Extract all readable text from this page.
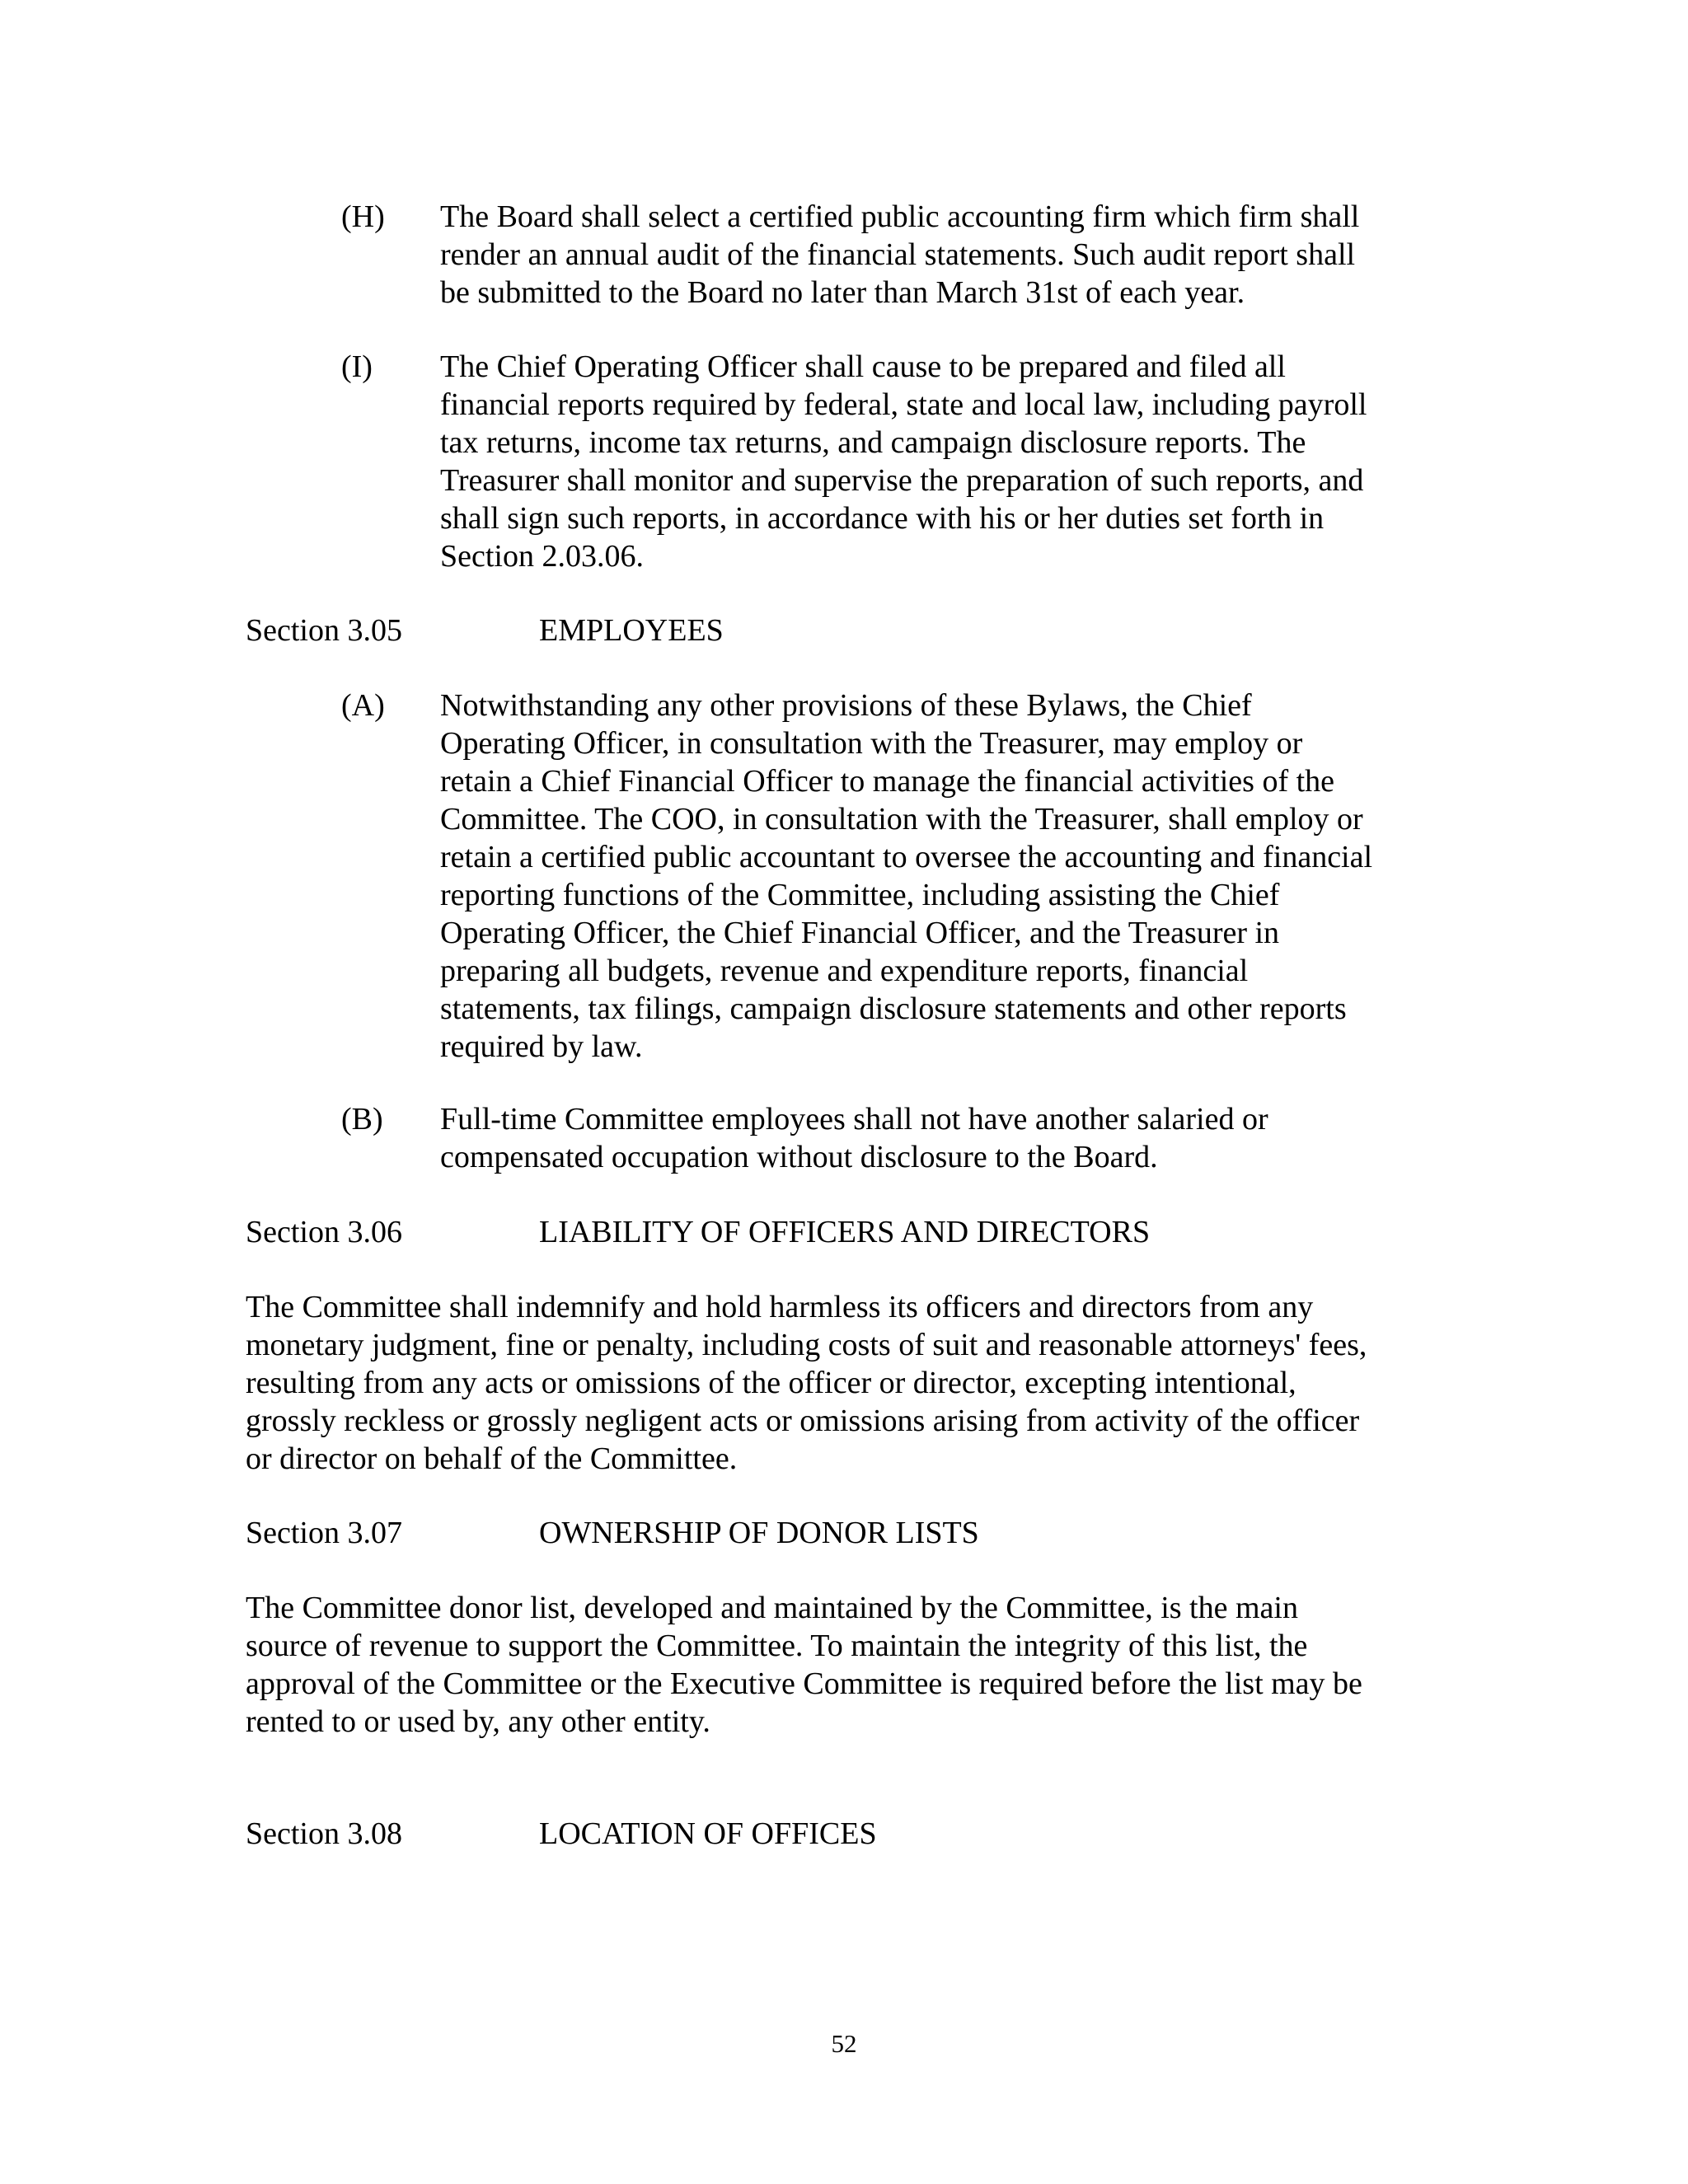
(H) The Board shall select a certified public accounting firm which firm shall
render an annual audit of the financial statements. Such audit report shall
be submitted to the Board no later than March 31st of each year.
(I) The Chief Operating Officer shall cause to be prepared and filed all
financial reports required by federal, state and local law, including payroll
tax returns, income tax returns, and campaign disclosure reports. The
Treasurer shall monitor and supervise the preparation of such reports, and
shall sign such reports, in accordance with his or her duties set forth in
Section 2.03.06.
Section 3.05	EMPLOYEES
(A) Notwithstanding any other provisions of these Bylaws, the Chief
Operating Officer, in consultation with the Treasurer, may employ or
retain a Chief Financial Officer to manage the financial activities of the
Committee. The COO, in consultation with the Treasurer, shall employ or
retain a certified public accountant to oversee the accounting and financial
reporting functions of the Committee, including assisting the Chief
Operating Officer, the Chief Financial Officer, and the Treasurer in
preparing all budgets, revenue and expenditure reports, financial
statements, tax filings, campaign disclosure statements and other reports
required by law.
(B) Full-time Committee employees shall not have another salaried or
compensated occupation without disclosure to the Board.
Section 3.06	LIABILITY OF OFFICERS AND DIRECTORS
The Committee shall indemnify and hold harmless its officers and directors from any
monetary judgment, fine or penalty, including costs of suit and reasonable attorneys' fees,
resulting from any acts or omissions of the officer or director, excepting intentional,
grossly reckless or grossly negligent acts or omissions arising from activity of the officer
or director on behalf of the Committee.
Section 3.07	OWNERSHIP OF DONOR LISTS
The Committee donor list, developed and maintained by the Committee, is the main
source of revenue to support the Committee. To maintain the integrity of this list, the
approval of the Committee or the Executive Committee is required before the list may be
rented to or used by, any other entity.
Section 3.08	LOCATION OF OFFICES
52
